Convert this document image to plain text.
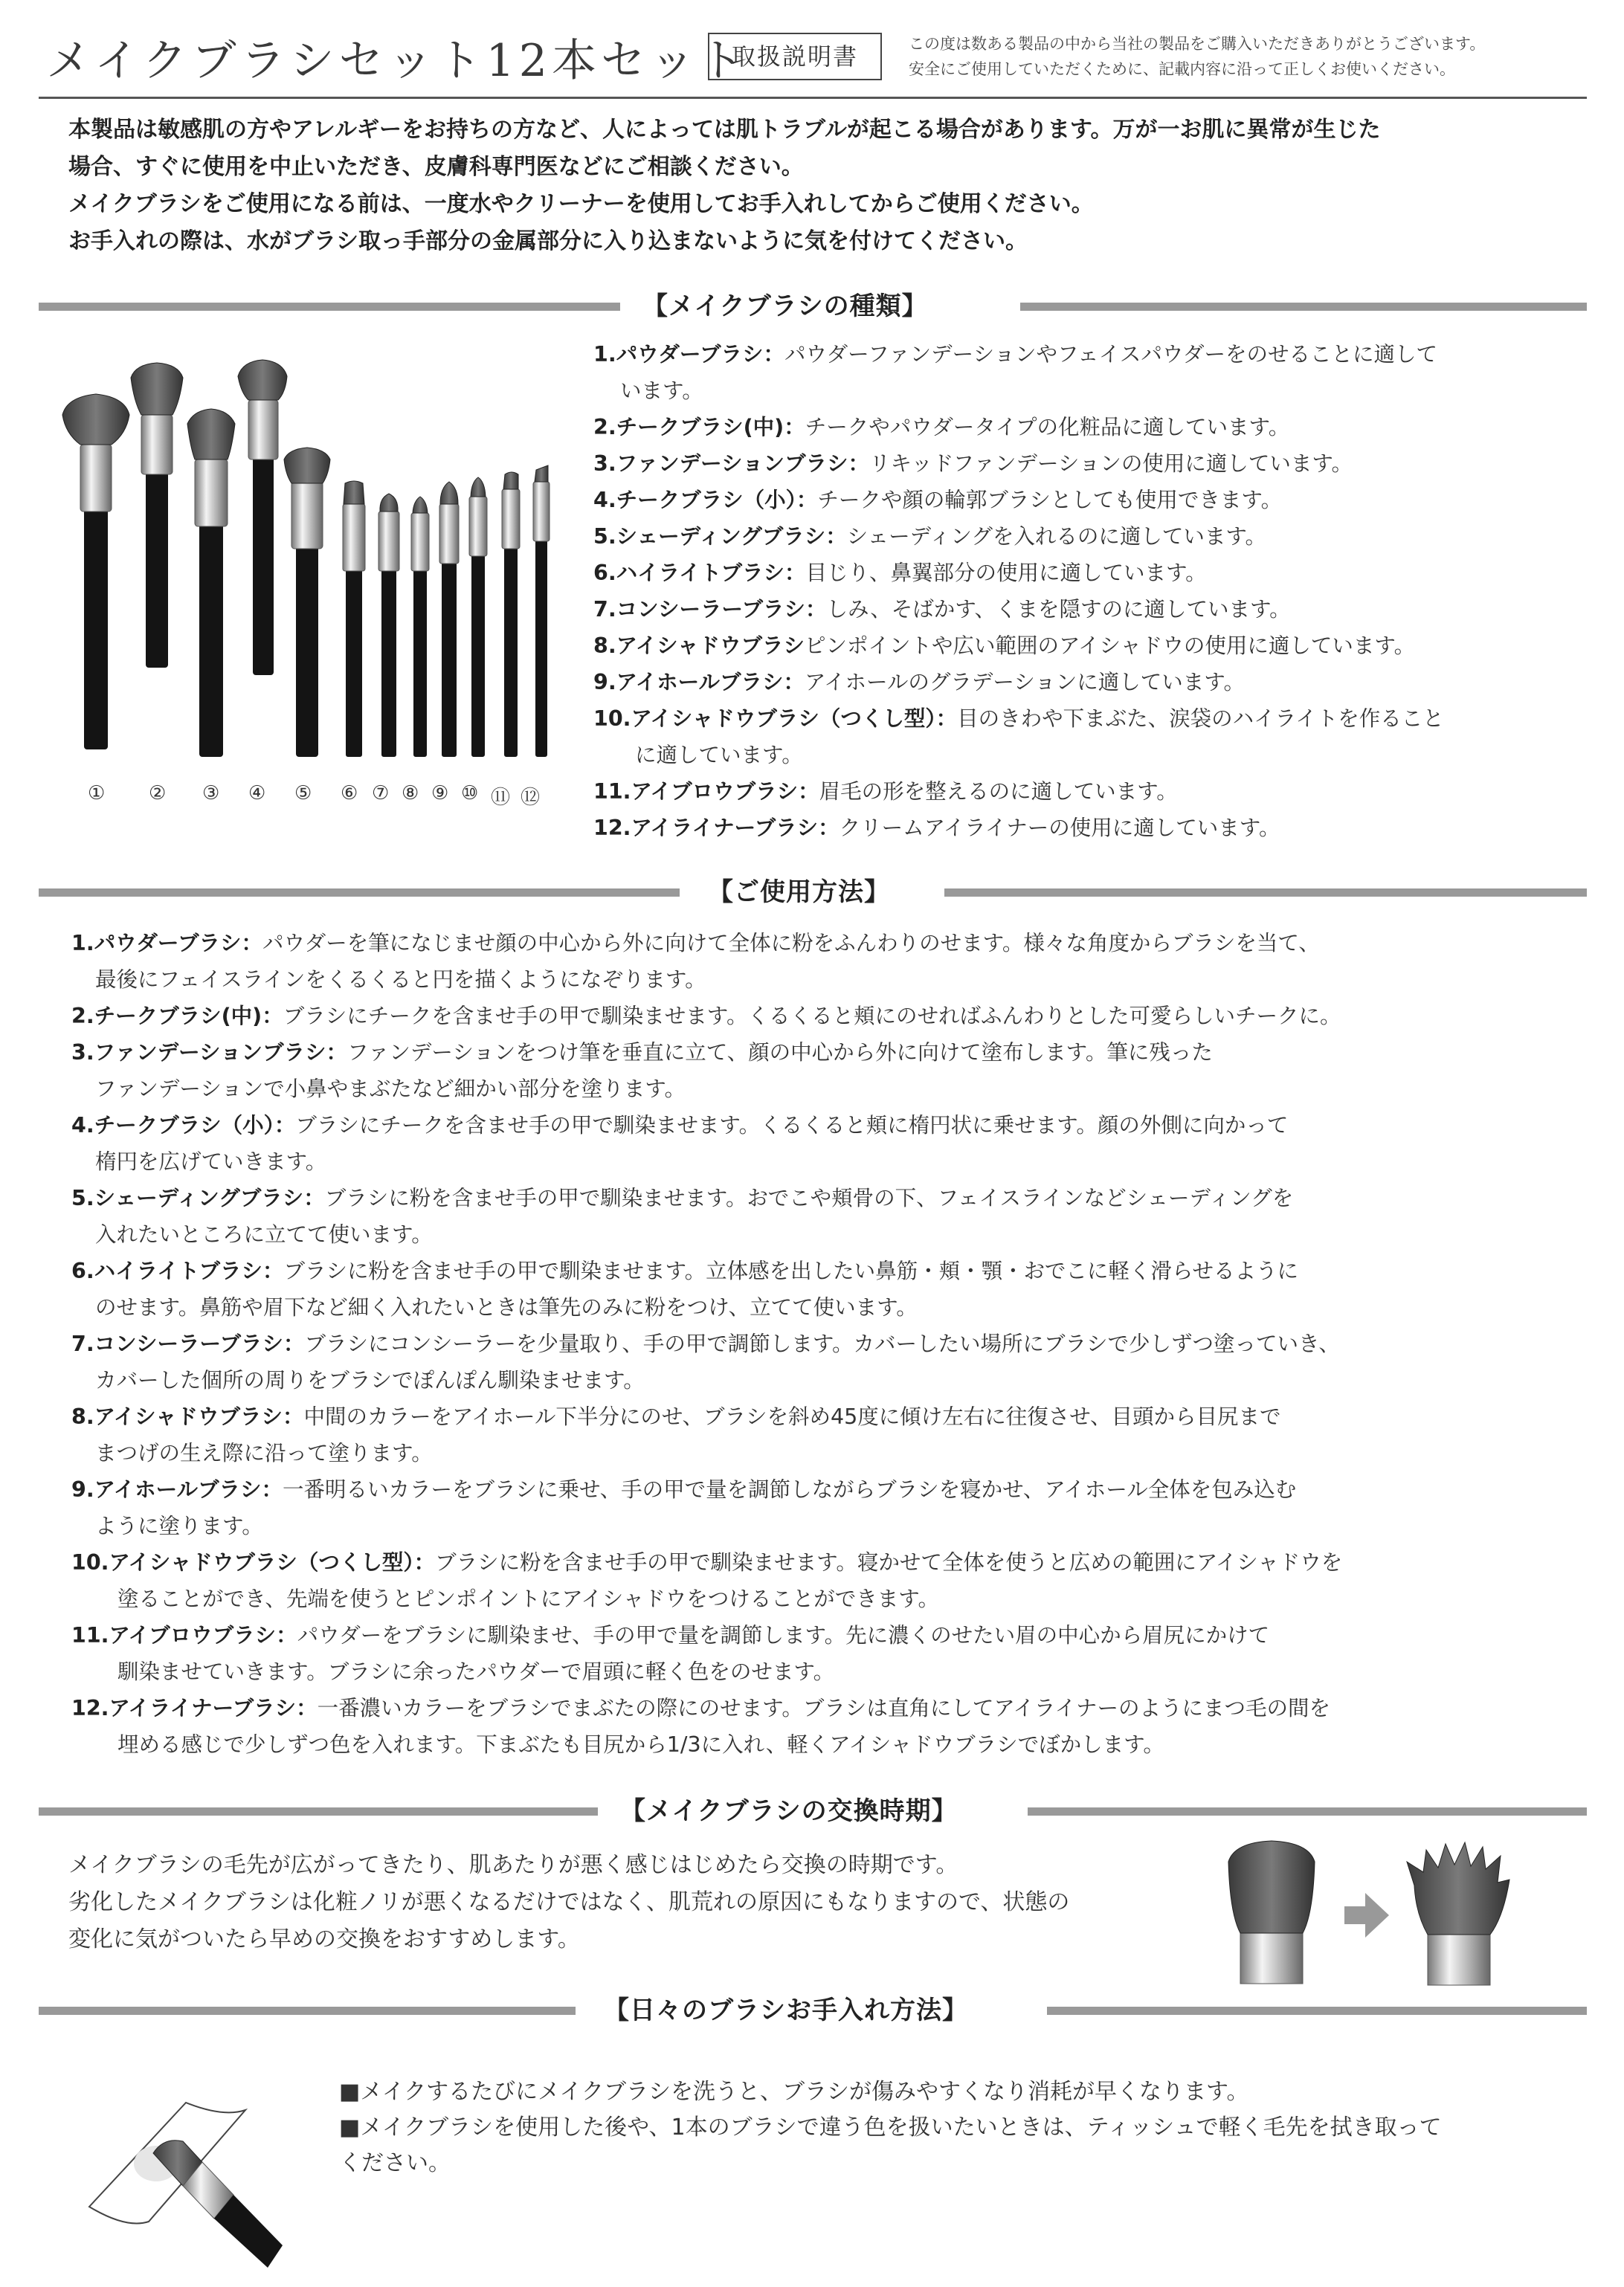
メイクブラシセット12本セット
取扱説明書	この度は数ある製品の中から当社の製品をご購入いただきありがとうございます。
安全にご使用していただくために、記載内容に沿って正しくお使いください。
本製品は敏感肌の方やアレルギーをお持ちの方など、人によっては肌トラブルが起こる場合があります。万が一お肌に異常が生じた
場合、すぐに使用を中止いただき、皮膚科専門医などにご相談ください。
メイクブラシをご使用になる前は、一度水やクリーナーを使用してお手入れしてからご使用ください。
お手入れの際は、水がブラシ取っ手部分の金属部分に入り込まないように気を付けてください。
【メイクブラシの種類】
① ② ③ ④ ⑤ ⑥ ⑦ ⑧ ⑨ ⑩ ⑪ ⑫
1.パウダーブラシ：パウダーファンデーションやフェイスパウダーをのせることに適して
います。
2.チークブラシ(中)：チークやパウダータイプの化粧品に適しています。
3.ファンデーションブラシ：リキッドファンデーションの使用に適しています。
4.チークブラシ（小）：チークや顔の輪郭ブラシとしても使用できます。
5.シェーディングブラシ：シェーディングを入れるのに適しています。
6.ハイライトブラシ：目じり、鼻翼部分の使用に適しています。
7.コンシーラーブラシ：しみ、そばかす、くまを隠すのに適しています。
8.アイシャドウブラシピンポイントや広い範囲のアイシャドウの使用に適しています。
9.アイホールブラシ：アイホールのグラデーションに適しています。
10.アイシャドウブラシ（つくし型）：目のきわや下まぶた、涙袋のハイライトを作ること
に適しています。
11.アイブロウブラシ：眉毛の形を整えるのに適しています。
12.アイライナーブラシ：クリームアイライナーの使用に適しています。
【ご使用方法】
1.パウダーブラシ：パウダーを筆になじませ顔の中心から外に向けて全体に粉をふんわりのせます。様々な角度からブラシを当て、
最後にフェイスラインをくるくると円を描くようになぞります。
2.チークブラシ(中)：ブラシにチークを含ませ手の甲で馴染ませます。くるくると頬にのせればふんわりとした可愛らしいチークに。
3.ファンデーションブラシ：ファンデーションをつけ筆を垂直に立て、顔の中心から外に向けて塗布します。筆に残った
ファンデーションで小鼻やまぶたなど細かい部分を塗ります。
4.チークブラシ（小）：ブラシにチークを含ませ手の甲で馴染ませます。くるくると頬に楕円状に乗せます。顔の外側に向かって
楕円を広げていきます。
5.シェーディングブラシ：ブラシに粉を含ませ手の甲で馴染ませます。おでこや頬骨の下、フェイスラインなどシェーディングを
入れたいところに立てて使います。
6.ハイライトブラシ：ブラシに粉を含ませ手の甲で馴染ませます。立体感を出したい鼻筋・頬・顎・おでこに軽く滑らせるように
のせます。鼻筋や眉下など細く入れたいときは筆先のみに粉をつけ、立てて使います。
7.コンシーラーブラシ：ブラシにコンシーラーを少量取り、手の甲で調節します。カバーしたい場所にブラシで少しずつ塗っていき、
カバーした個所の周りをブラシでぽんぽん馴染ませます。
8.アイシャドウブラシ：中間のカラーをアイホール下半分にのせ、ブラシを斜め45度に傾け左右に往復させ、目頭から目尻まで
まつげの生え際に沿って塗ります。
9.アイホールブラシ：一番明るいカラーをブラシに乗せ、手の甲で量を調節しながらブラシを寝かせ、アイホール全体を包み込む
ように塗ります。
10.アイシャドウブラシ（つくし型）：ブラシに粉を含ませ手の甲で馴染ませます。寝かせて全体を使うと広めの範囲にアイシャドウを
塗ることができ、先端を使うとピンポイントにアイシャドウをつけることができます。
11.アイブロウブラシ：パウダーをブラシに馴染ませ、手の甲で量を調節します。先に濃くのせたい眉の中心から眉尻にかけて
馴染ませていきます。ブラシに余ったパウダーで眉頭に軽く色をのせます。
12.アイライナーブラシ：一番濃いカラーをブラシでまぶたの際にのせます。ブラシは直角にしてアイライナーのようにまつ毛の間を
埋める感じで少しずつ色を入れます。下まぶたも目尻から1/3に入れ、軽くアイシャドウブラシでぼかします。
【メイクブラシの交換時期】
メイクブラシの毛先が広がってきたり、肌あたりが悪く感じはじめたら交換の時期です。
劣化したメイクブラシは化粧ノリが悪くなるだけではなく、肌荒れの原因にもなりますので、状態の
変化に気がついたら早めの交換をおすすめします。
【日々のブラシお手入れ方法】
■メイクするたびにメイクブラシを洗うと、ブラシが傷みやすくなり消耗が早くなります。
■メイクブラシを使用した後や、1本のブラシで違う色を扱いたいときは、ティッシュで軽く毛先を拭き取って
ください。
